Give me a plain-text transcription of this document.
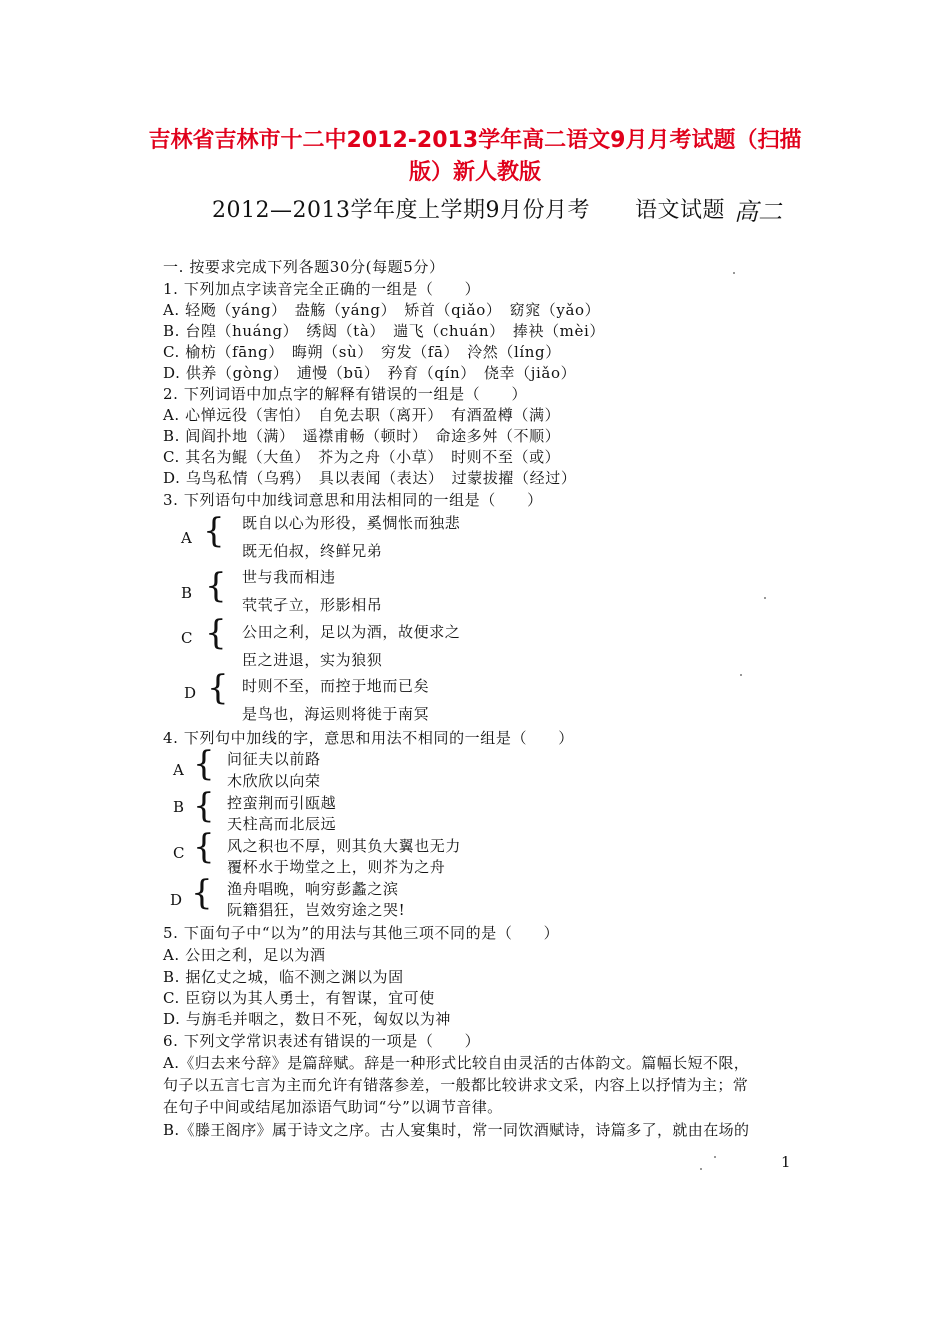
吉林省吉林市十二中2012-2013学年高二语文9月月考试题（扫描
版）新人教版
2012—2013学年度上学期9月份月考　　语文试题 高二
一. 按要求完成下列各题30分(每题5分）
1. 下列加点字读音完全正确的一组是（　　）
A. 轻飏（yáng）　盎觞（yáng）　矫首（qiǎo）　窈窕（yǎo）
B. 台隍（huáng）　绣闼（tà）　遄飞（chuán）　捧袂（mèi）
C. 榆枋（fāng）　晦朔（sù）　穷发（fā）　泠然（líng）
D. 供养（gòng）　逋慢（bū）　矜育（qín）　侥幸（jiǎo）
2. 下列词语中加点字的解释有错误的一组是（　　）
A. 心惮远役（害怕）　自免去职（离开）　有酒盈樽（满）
B. 闾阎扑地（满）　遥襟甫畅（顿时）　命途多舛（不顺）
C. 其名为鲲（大鱼）　芥为之舟（小草）　时则不至（或）
D. 乌鸟私情（乌鸦）　具以表闻（表达）　过蒙拔擢（经过）
3. 下列语句中加线词意思和用法相同的一组是（　　）
A { 既自以心为形役，奚惆怅而独悲
既无伯叔，终鲜兄弟
B { 世与我而相违
茕茕孑立，形影相吊
C { 公田之利，足以为酒，故便求之
臣之进退，实为狼狈
D { 时则不至，而控于地而已矣
是鸟也，海运则将徙于南冥
4. 下列句中加线的字，意思和用法不相同的一组是（　　）
A { 问征夫以前路
木欣欣以向荣
B { 控蛮荆而引瓯越
天柱高而北辰远
C { 风之积也不厚，则其负大翼也无力
覆杯水于坳堂之上，则芥为之舟
D { 渔舟唱晚，响穷彭蠡之滨
阮籍猖狂，岂效穷途之哭!
5. 下面句子中“以为”的用法与其他三项不同的是（　　）
A. 公田之利，足以为酒
B. 据亿丈之城，临不测之渊以为固
C. 臣窃以为其人勇士，有智谋，宜可使
D. 与旃毛并咽之，数日不死，匈奴以为神
6. 下列文学常识表述有错误的一项是（　　）
A.《归去来兮辞》是篇辞赋。辞是一种形式比较自由灵活的古体韵文。篇幅长短不限，
句子以五言七言为主而允许有错落参差，一般都比较讲求文采，内容上以抒情为主；常
在句子中间或结尾加添语气助词“兮”以调节音律。
B.《滕王阁序》属于诗文之序。古人宴集时，常一同饮酒赋诗，诗篇多了，就由在场的
1
